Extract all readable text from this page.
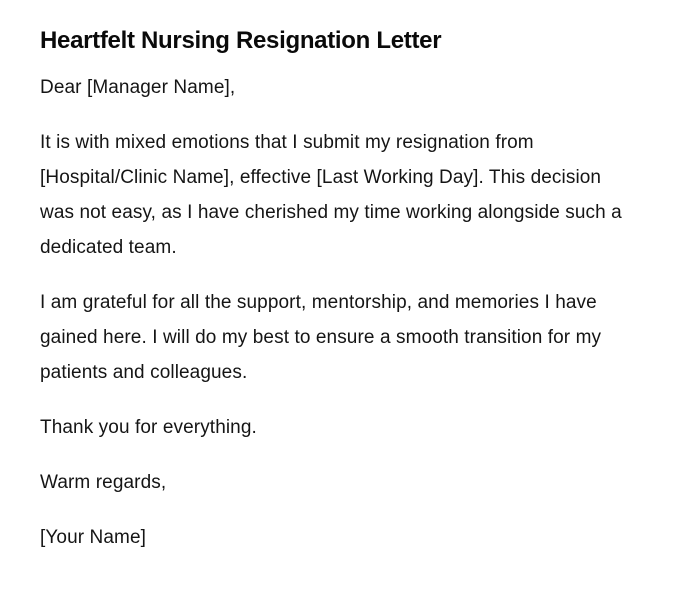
Heartfelt Nursing Resignation Letter

Dear [Manager Name],

It is with mixed emotions that I submit my resignation from [Hospital/Clinic Name], effective [Last Working Day]. This decision was not easy, as I have cherished my time working alongside such a dedicated team.

I am grateful for all the support, mentorship, and memories I have gained here. I will do my best to ensure a smooth transition for my patients and colleagues.

Thank you for everything.

Warm regards,

[Your Name]
